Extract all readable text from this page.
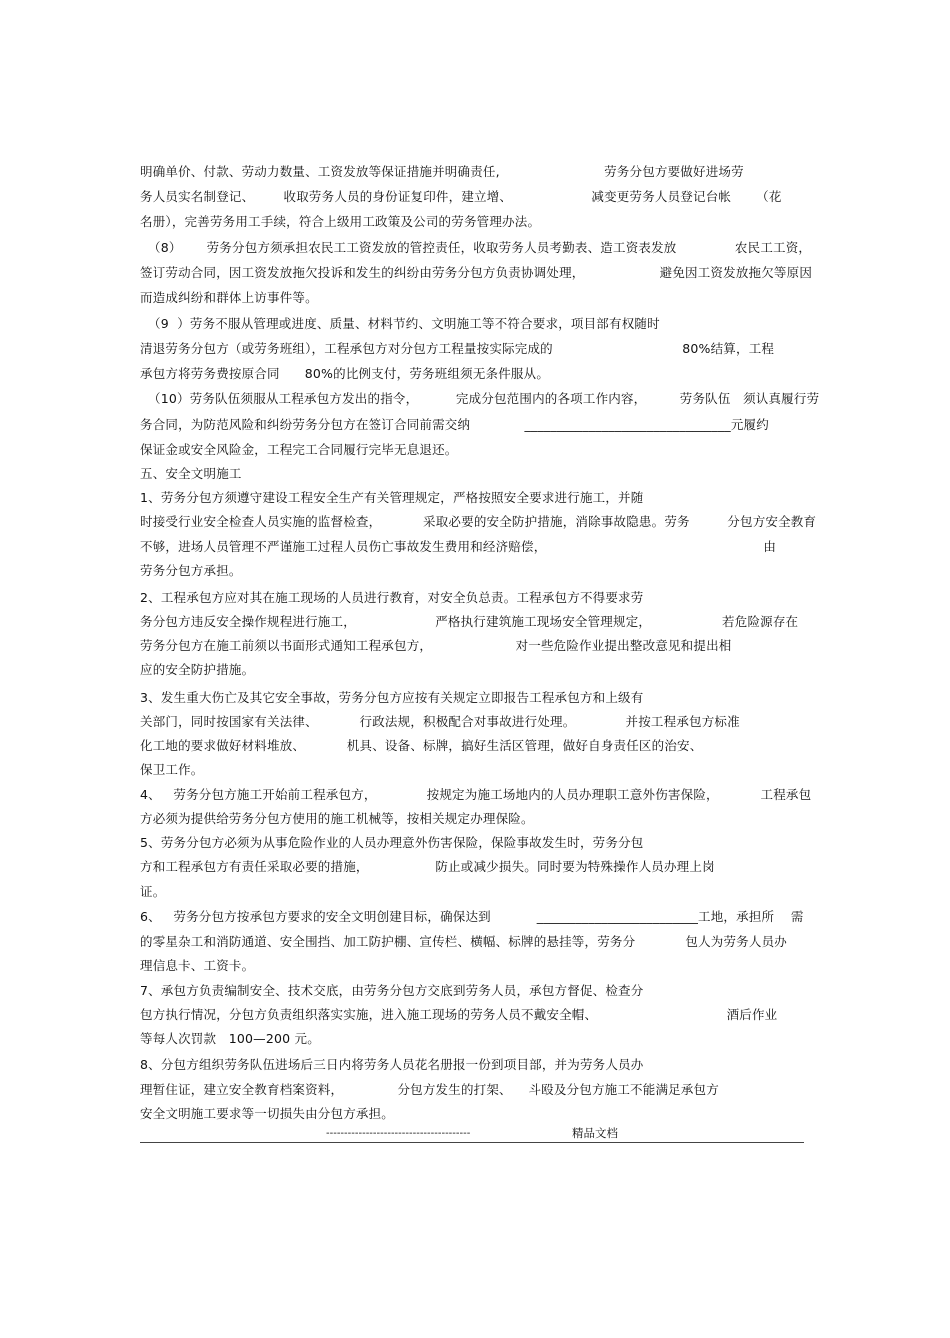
明确单价、付款、劳动力数量、工资发放等保证措施并明确责任,                         劳务分包方要做好进场劳
务人员实名制登记、       收取劳务人员的身份证复印件，建立增、                   减变更劳务人员登记台帐      （花
名册），完善劳务用工手续，符合上级用工政策及公司的劳务管理办法。
（8）      劳务分包方须承担农民工工资发放的管控责任，收取劳务人员考勤表、造工资表发放              农民工工资，
签订劳动合同，因工资发放拖欠投诉和发生的纠纷由劳务分包方负责协调处理，                  避免因工资发放拖欠等原因
而造成纠纷和群体上访事件等。
（9  ）劳务不服从管理或进度、质量、材料节约、文明施工等不符合要求，项目部有权随时
清退劳务分包方（或劳务班组），工程承包方对分包方工程量按实际完成的                               80%结算，工程
承包方将劳务费按原合同      80%的比例支付，劳务班组须无条件服从。
（10）劳务队伍须服从工程承包方发出的指令，         完成分包范围内的各项工作内容，        劳务队伍   须认真履行劳
务合同，为防范风险和纠纷劳务分包方在签订合同前需交纳             ________________________________元履约
保证金或安全风险金，工程完工合同履行完毕无息退还。
五、安全文明施工
1、劳务分包方须遵守建设工程安全生产有关管理规定，严格按照安全要求进行施工，并随
时接受行业安全检查人员实施的监督检查，          采取必要的安全防护措施，消除事故隐患。劳务         分包方安全教育
不够，进场人员管理不严谨施工过程人员伤亡事故发生费用和经济赔偿，                                                    由
劳务分包方承担。
2、工程承包方应对其在施工现场的人员进行教育，对安全负总责。工程承包方不得要求劳
务分包方违反安全操作规程进行施工，                   严格执行建筑施工现场安全管理规定，                 若危险源存在
劳务分包方在施工前须以书面形式通知工程承包方，                    对一些危险作业提出整改意见和提出相
应的安全防护措施。
3、发生重大伤亡及其它安全事故，劳务分包方应按有关规定立即报告工程承包方和上级有
关部门，同时按国家有关法律、          行政法规，积极配合对事故进行处理。            并按工程承包方标准
化工地的要求做好材料堆放、          机具、设备、标牌，搞好生活区管理，做好自身责任区的治安、
保卫工作。
4、   劳务分包方施工开始前工程承包方，            按规定为施工场地内的人员办理职工意外伤害保险，          工程承包
方必须为提供给劳务分包方使用的施工机械等，按相关规定办理保险。
5、劳务分包方必须为从事危险作业的人员办理意外伤害保险，保险事故发生时，劳务分包
方和工程承包方有责任采取必要的措施，                防止或减少损失。同时要为特殊操作人员办理上岗
证。
6、   劳务分包方按承包方要求的安全文明创建目标，确保达到           _________________________工地，承担所    需
的零星杂工和消防通道、安全围挡、加工防护棚、宣传栏、横幅、标牌的悬挂等，劳务分            包人为劳务人员办
理信息卡、工资卡。
7、承包方负责编制安全、技术交底，由劳务分包方交底到劳务人员，承包方督促、检查分
包方执行情况，分包方负责组织落实实施，进入施工现场的劳务人员不戴安全帽、                               酒后作业
等每人次罚款   100—200 元。
8、分包方组织劳务队伍进场后三日内将劳务人员花名册报一份到项目部，并为劳务人员办
理暂住证，建立安全教育档案资料，             分包方发生的打架、    斗殴及分包方施工不能满足承包方
安全文明施工要求等一切损失由分包方承担。
----------------------------------------	精品文档
